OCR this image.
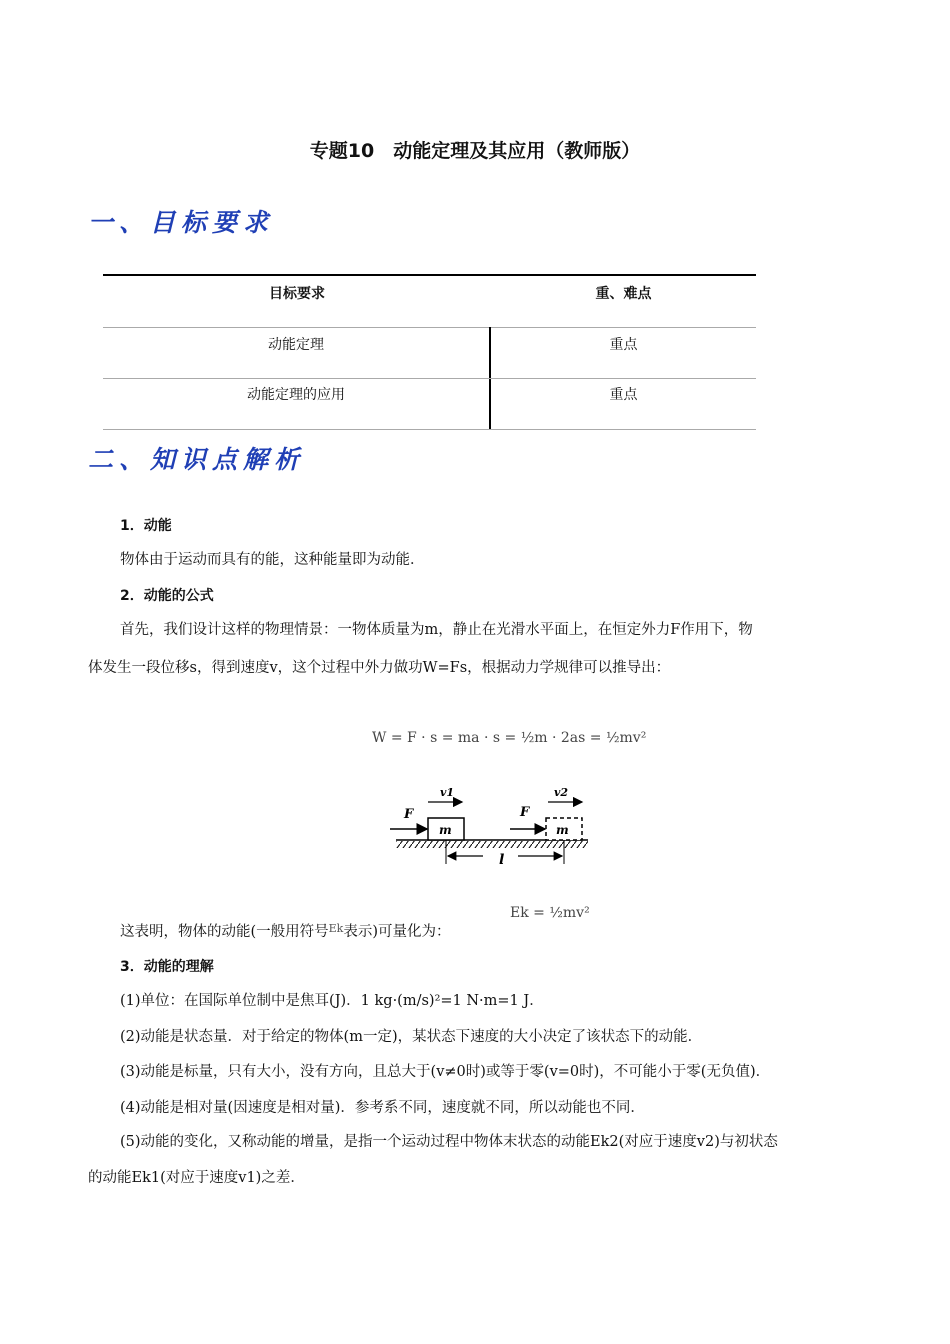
专题10　动能定理及其应用（教师版）
一、目标要求
目标要求	重、难点
动能定理	重点
动能定理的应用	重点
二、知识点解析
1．动能
物体由于运动而具有的能，这种能量即为动能．
2．动能的公式
首先，我们设计这样的物理情景：一物体质量为m，静止在光滑水平面上，在恒定外力F作用下，物
体发生一段位移s，得到速度v，这个过程中外力做功W=Fs，根据动力学规律可以推导出：
W = F · s = ma · s = ½m · 2as = ½mv²
m
F
v1
m
F
v2
l
这表明，物体的动能(一般用符号$^{Ek}$表示)可量化为：
Ek = ½mv²
3．动能的理解
(1)单位：在国际单位制中是焦耳(J)．1 kg·(m/s)²=1 N·m=1 J．
(2)动能是状态量．对于给定的物体(m一定)，某状态下速度的大小决定了该状态下的动能．
(3)动能是标量，只有大小，没有方向，且总大于(v≠0时)或等于零(v=0时)，不可能小于零(无负值)．
(4)动能是相对量(因速度是相对量)．参考系不同，速度就不同，所以动能也不同．
(5)动能的变化，又称动能的增量，是指一个运动过程中物体末状态的动能Ek2(对应于速度v2)与初状态
的动能Ek1(对应于速度v1)之差．
